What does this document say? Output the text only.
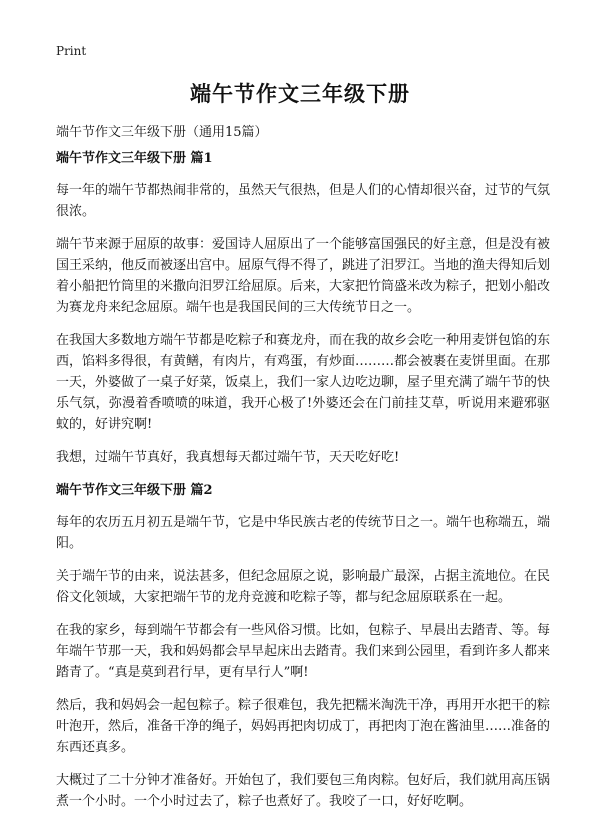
Print
端午节作文三年级下册
端午节作文三年级下册（通用15篇）
端午节作文三年级下册 篇1

每一年的端午节都热闹非常的，虽然天气很热，但是人们的心情却很兴奋，过节的气氛很浓。

端午节来源于屈原的故事：爱国诗人屈原出了一个能够富国强民的好主意，但是没有被国王采纳，他反而被逐出宫中。屈原气得不得了，跳进了汨罗江。当地的渔夫得知后划着小船把竹筒里的米撒向汨罗江给屈原。后来，大家把竹筒盛米改为粽子，把划小船改为赛龙舟来纪念屈原。端午也是我国民间的三大传统节日之一。

在我国大多数地方端午节都是吃粽子和赛龙舟，而在我的故乡会吃一种用麦饼包馅的东西，馅料多得很，有黄鳝，有肉片，有鸡蛋，有炒面………都会被裹在麦饼里面。在那一天，外婆做了一桌子好菜，饭桌上，我们一家人边吃边聊，屋子里充满了端午节的快乐气氛，弥漫着香喷喷的味道，我开心极了!外婆还会在门前挂艾草，听说用来避邪驱蚊的，好讲究啊!

我想，过端午节真好，我真想每天都过端午节，天天吃好吃!

端午节作文三年级下册 篇2

每年的农历五月初五是端午节，它是中华民族古老的传统节日之一。端午也称端五，端阳。

关于端午节的由来，说法甚多，但纪念屈原之说，影响最广最深，占据主流地位。在民俗文化领域，大家把端午节的龙舟竞渡和吃粽子等，都与纪念屈原联系在一起。

在我的家乡，每到端午节都会有一些风俗习惯。比如，包粽子、早晨出去踏青、等。每年端午节那一天，我和妈妈都会早早起床出去踏青。我们来到公园里，看到许多人都来踏青了。“真是莫到君行早，更有早行人”啊!

然后，我和妈妈会一起包粽子。粽子很难包，我先把糯米淘洗干净，再用开水把干的粽叶泡开，然后，准备干净的绳子，妈妈再把肉切成丁，再把肉丁泡在酱油里……准备的东西还真多。

大概过了二十分钟才准备好。开始包了，我们要包三角肉粽。包好后，我们就用高压锅煮一个小时。一个小时过去了，粽子也煮好了。我咬了一口，好好吃啊。
